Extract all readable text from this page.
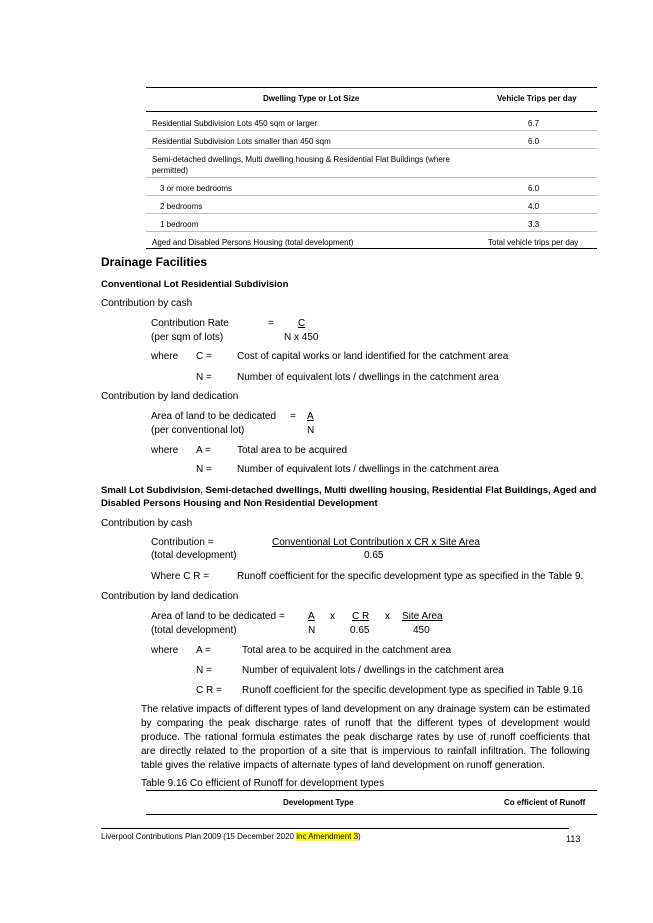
Dwelling Type or Lot Size	Vehicle Trips per day
Residential Subdivision Lots 450 sqm or larger	6.7
Residential Subdivision Lots smaller than 450 sqm	6.0
Semi-detached dwellings, Multi dwelling housing & Residential Flat Buildings (where
permitted)
3 or more bedrooms	6.0
2 bedrooms	4.0
1 bedroom	3.3
Aged and Disabled Persons Housing (total development)	Total vehicle trips per day
Drainage Facilities
Conventional Lot Residential Subdivision
Contribution by cash
Contribution Rate	= C
(per sqm of lots)	N x 450
where C =	Cost of capital works or land identified for the catchment area
N =	Number of equivalent lots / dwellings in the catchment area
Contribution by land dedication
Area of land to be dedicated = A
(per conventional lot)	N
where A =	Total area to be acquired
N =	Number of equivalent lots / dwellings in the catchment area
Small Lot Subdivision, Semi-detached dwellings, Multi dwelling housing, Residential Flat Buildings, Aged and
Disabled Persons Housing and Non Residential Development
Contribution by cash
Contribution =	Conventional Lot Contribution x CR x Site Area
(total development)	0.65
Where C R =	Runoff coefficient for the specific development type as specified in the Table 9.
Contribution by land dedication
Area of land to be dedicated = A x C R x Site Area
(total development)	N	0.65	450
where A =	Total area to be acquired in the catchment area
N =	Number of equivalent lots / dwellings in the catchment area
C R = Runoff coefficient for the specific development type as specified in Table 9.16
The relative impacts of different types of land development on any drainage system can be estimated by comparing the peak discharge rates of runoff that the different types of development would produce. The rational formula estimates the peak discharge rates by use of runoff coefficients that are directly related to the proportion of a site that is impervious to rainfall infiltration. The following table gives the relative impacts of alternate types of land development on runoff generation.
Table 9.16 Co efficient of Runoff for development types
Development Type	Co efficient of Runoff
Liverpool Contributions Plan 2009 (15 December 2020 inc Amendment 3)	113
